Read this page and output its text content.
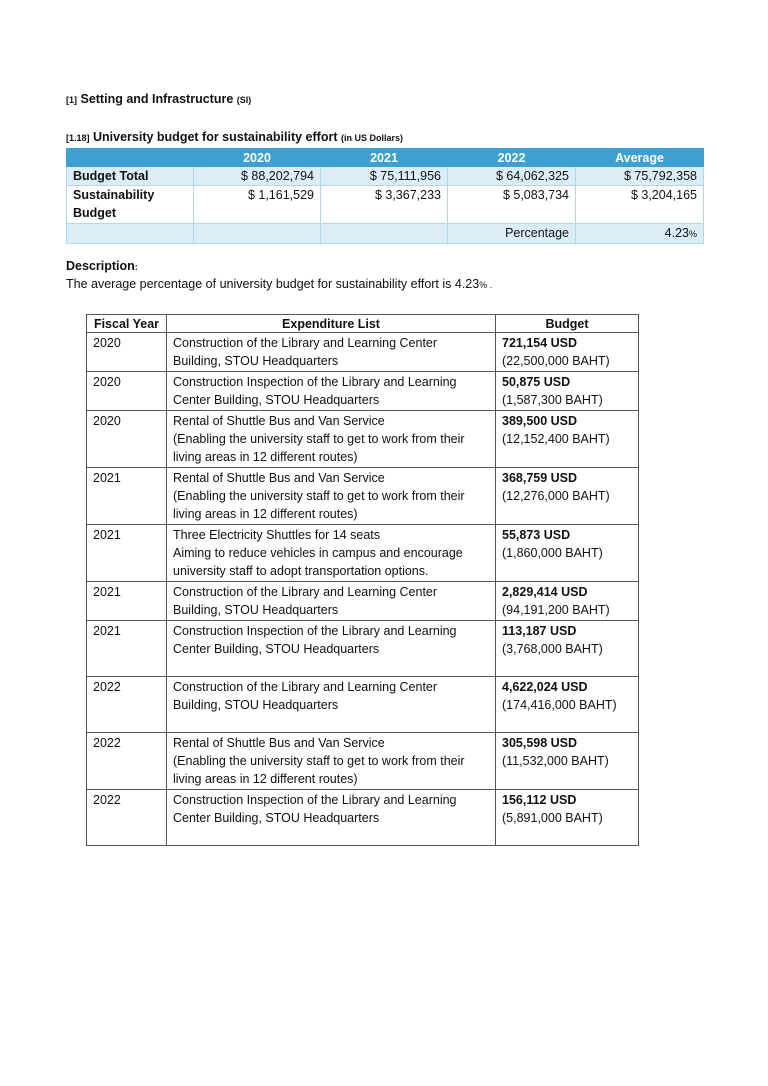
[1] Setting and Infrastructure (SI)
[1.18] University budget for sustainability effort (in US Dollars)
	2020	2021	2022	Average
Budget Total	$ 88,202,794	$ 75,111,956	$ 64,062,325	$ 75,792,358
Sustainability Budget	$ 1,161,529	$ 3,367,233	$ 5,083,734	$ 3,204,165
			Percentage	4.23%
Description:
The average percentage of university budget for sustainability effort is 4.23% .
Fiscal Year	Expenditure List	Budget
2020	Construction of the Library and Learning Center
Building, STOU Headquarters	721,154 USD
(22,500,000 BAHT)

2020	Construction Inspection of the Library and Learning
Center Building, STOU Headquarters	50,875 USD
(1,587,300 BAHT)

2020	Rental of Shuttle Bus and Van Service
(Enabling the university staff to get to work from their
living areas in 12 different routes)	389,500 USD
(12,152,400 BAHT)

2021	Rental of Shuttle Bus and Van Service
(Enabling the university staff to get to work from their
living areas in 12 different routes)	368,759 USD
(12,276,000 BAHT)

2021	Three Electricity Shuttles for 14 seats
Aiming to reduce vehicles in campus and encourage
university staff to adopt transportation options.	55,873 USD
(1,860,000 BAHT)

2021	Construction of the Library and Learning Center
Building, STOU Headquarters	2,829,414 USD
(94,191,200 BAHT)

2021	Construction Inspection of the Library and Learning
Center Building, STOU Headquarters	113,187 USD
(3,768,000 BAHT)

2022	Construction of the Library and Learning Center
Building, STOU Headquarters	4,622,024 USD
(174,416,000 BAHT)

2022	Rental of Shuttle Bus and Van Service
(Enabling the university staff to get to work from their
living areas in 12 different routes)	305,598 USD
(11,532,000 BAHT)

2022	Construction Inspection of the Library and Learning
Center Building, STOU Headquarters	156,112 USD
(5,891,000 BAHT)
